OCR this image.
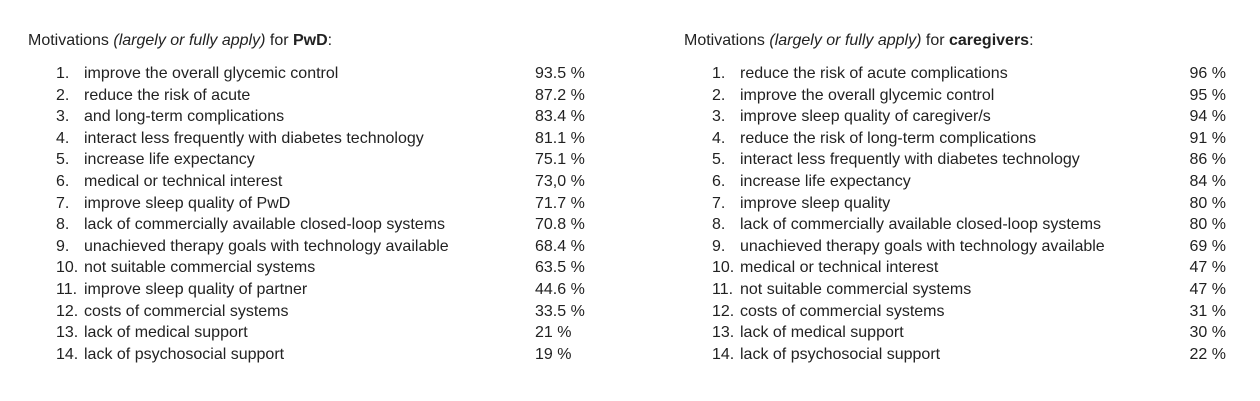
Motivations (largely or fully apply) for PwD:
1. improve the overall glycemic control	93.5 %
2. reduce the risk of acute	87.2 %
3. and long-term complications	83.4 %
4. interact less frequently with diabetes technology	81.1 %
5. increase life expectancy	75.1 %
6. medical or technical interest	73,0 %
7. improve sleep quality of PwD	71.7 %
8. lack of commercially available closed-loop systems	70.8 %
9. unachieved therapy goals with technology available	68.4 %
10. not suitable commercial systems	63.5 %
11. improve sleep quality of partner	44.6 %
12. costs of commercial systems	33.5 %
13. lack of medical support	21 %
14. lack of psychosocial support	19 %
Motivations (largely or fully apply) for caregivers:
1. reduce the risk of acute complications	96 %
2. improve the overall glycemic control	95 %
3. improve sleep quality of caregiver/s	94 %
4. reduce the risk of long-term complications	91 %
5. interact less frequently with diabetes technology	86 %
6. increase life expectancy	84 %
7. improve sleep quality	80 %
8. lack of commercially available closed-loop systems	80 %
9. unachieved therapy goals with technology available	69 %
10. medical or technical interest	47 %
11. not suitable commercial systems	47 %
12. costs of commercial systems	31 %
13. lack of medical support	30 %
14. lack of psychosocial support	22 %
